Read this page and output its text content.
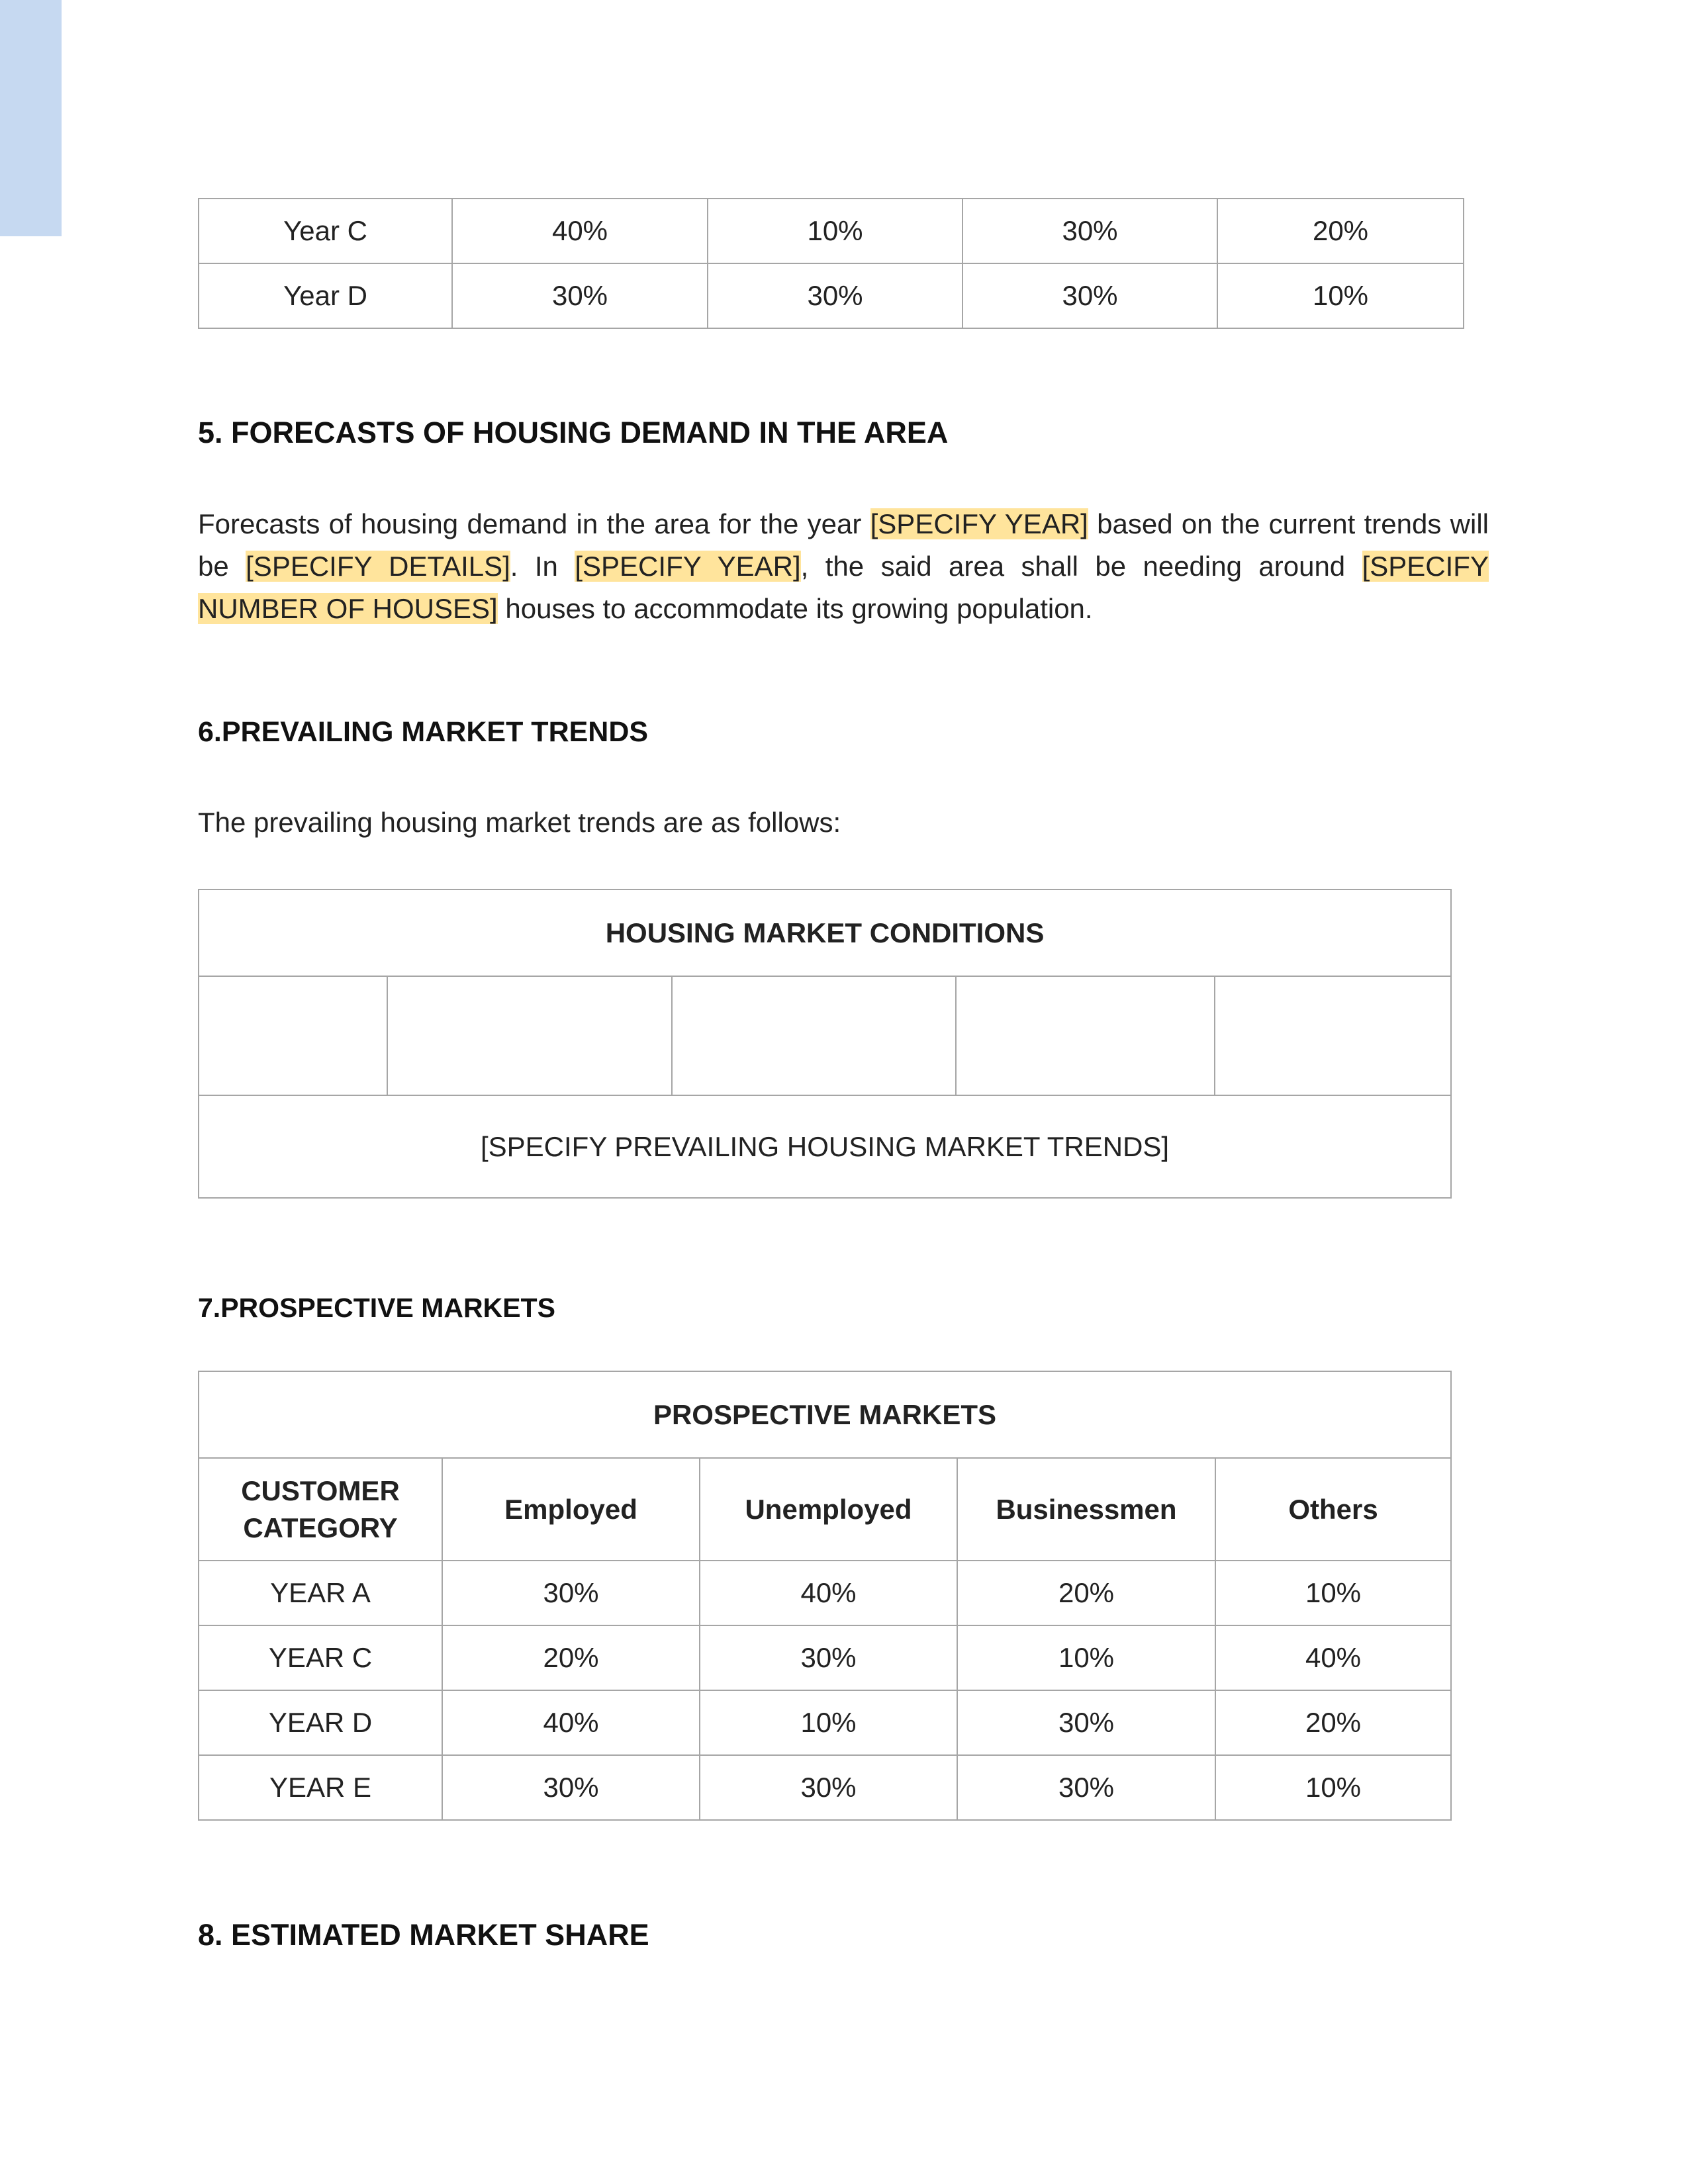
Year C	40%	10%	30%	20%
Year D	30%	30%	30%	10%
5. FORECASTS OF HOUSING DEMAND IN THE AREA

Forecasts of housing demand in the area for the year [SPECIFY YEAR] based on the current trends will be [SPECIFY DETAILS]. In [SPECIFY YEAR], the said area shall be needing around [SPECIFY NUMBER OF HOUSES] houses to accommodate its growing population.

6.PREVAILING MARKET TRENDS

The prevailing housing market trends are as follows:

HOUSING MARKET CONDITIONS

[SPECIFY PREVAILING HOUSING MARKET TRENDS]
7.PROSPECTIVE MARKETS
PROSPECTIVE MARKETS				
CUSTOMER CATEGORY	Employed	Unemployed	Businessmen	Others
YEAR A	30%	40%	20%	10%
YEAR C	20%	30%	10%	40%
YEAR D	40%	10%	30%	20%
YEAR E	30%	30%	30%	10%
8. ESTIMATED MARKET SHARE
